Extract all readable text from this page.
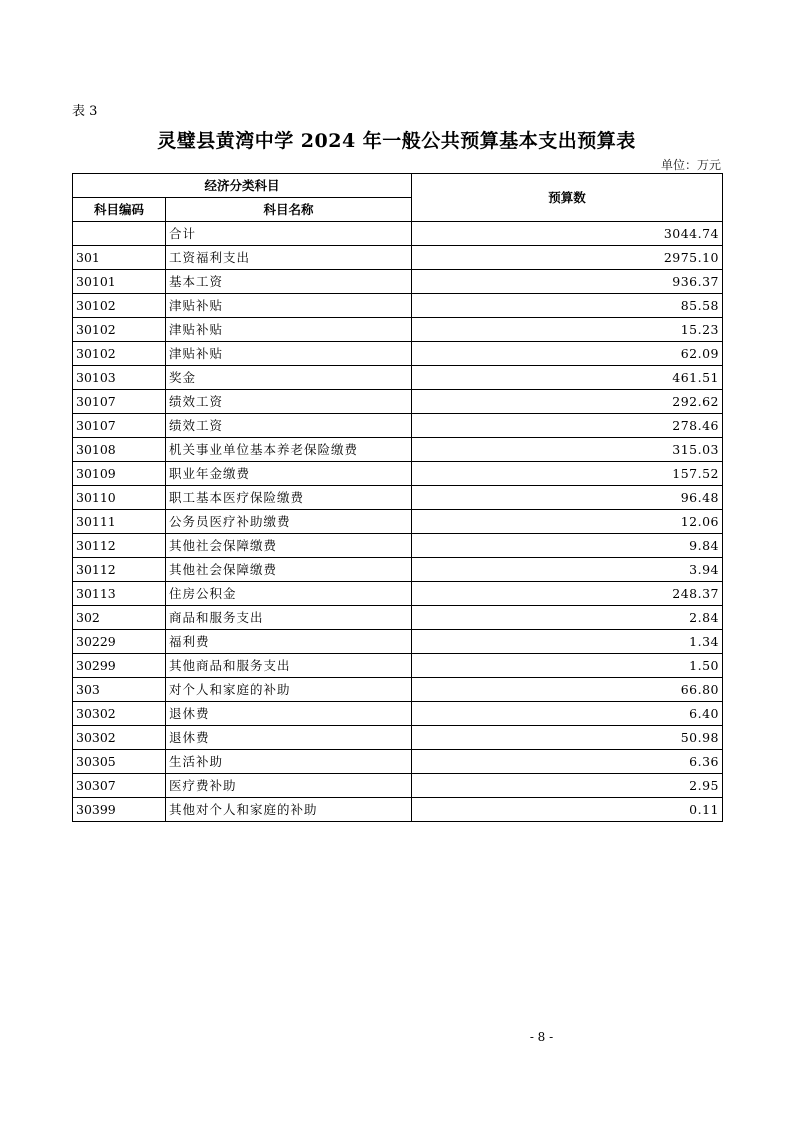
表 3
灵璧县黄湾中学 2024 年一般公共预算基本支出预算表
单位：万元
经济分类科目		预算数
科目编码	科目名称	
	合计	3044.74
301	工资福利支出	2975.10
30101	基本工资	936.37
30102	津贴补贴	85.58
30102	津贴补贴	15.23
30102	津贴补贴	62.09
30103	奖金	461.51
30107	绩效工资	292.62
30107	绩效工资	278.46
30108	机关事业单位基本养老保险缴费	315.03
30109	职业年金缴费	157.52
30110	职工基本医疗保险缴费	96.48
30111	公务员医疗补助缴费	12.06
30112	其他社会保障缴费	9.84
30112	其他社会保障缴费	3.94
30113	住房公积金	248.37
302	商品和服务支出	2.84
30229	福利费	1.34
30299	其他商品和服务支出	1.50
303	对个人和家庭的补助	66.80
30302	退休费	6.40
30302	退休费	50.98
30305	生活补助	6.36
30307	医疗费补助	2.95
30399	其他对个人和家庭的补助	0.11
- 8 -
